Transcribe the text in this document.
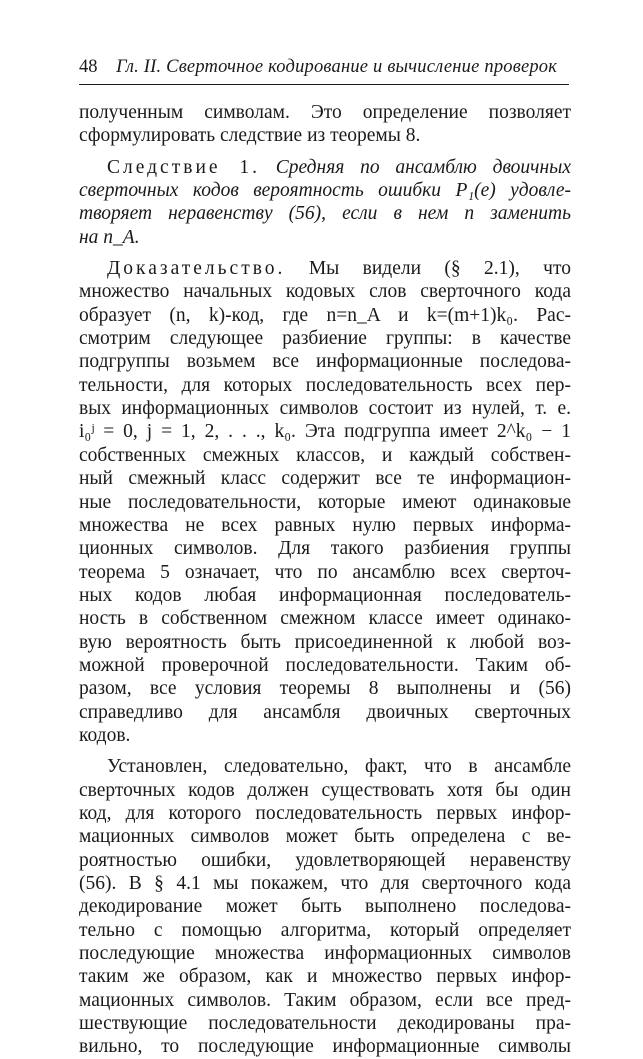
48 Гл. II. Сверточное кодирование и вычисление проверок
полученным символам. Это определение позволяет
сформулировать следствие из теоремы 8.
Следствие 1. Средняя по ансамблю двоичных
сверточных кодов вероятность ошибки P₁(e) удовле-
творяет неравенству (56), если в нем n заменить
на n_A.
Доказательство. Мы видели (§ 2.1), что
множество начальных кодовых слов сверточного кода
образует (n, k)-код, где n=n_A и k=(m+1)k₀. Рас-
смотрим следующее разбиение группы: в качестве
подгруппы возьмем все информационные последова-
тельности, для которых последовательность всех пер-
вых информационных символов состоит из нулей, т. е.
i₀ʲ = 0, j = 1, 2, . . ., k₀. Эта подгруппа имеет 2^k₀ − 1
собственных смежных классов, и каждый собствен-
ный смежный класс содержит все те информацион-
ные последовательности, которые имеют одинаковые
множества не всех равных нулю первых информа-
ционных символов. Для такого разбиения группы
теорема 5 означает, что по ансамблю всех сверточ-
ных кодов любая информационная последователь-
ность в собственном смежном классе имеет одинако-
вую вероятность быть присоединенной к любой воз-
можной проверочной последовательности. Таким об-
разом, все условия теоремы 8 выполнены и (56)
справедливо для ансамбля двоичных сверточных
кодов.
Установлен, следовательно, факт, что в ансамбле
сверточных кодов должен существовать хотя бы один
код, для которого последовательность первых инфор-
мационных символов может быть определена с ве-
роятностью ошибки, удовлетворяющей неравенству
(56). В § 4.1 мы покажем, что для сверточного кода
декодирование может быть выполнено последова-
тельно с помощью алгоритма, который определяет
последующие множества информационных символов
таким же образом, как и множество первых инфор-
мационных символов. Таким образом, если все пред-
шествующие последовательности декодированы пра-
вильно, то последующие информационные символы
